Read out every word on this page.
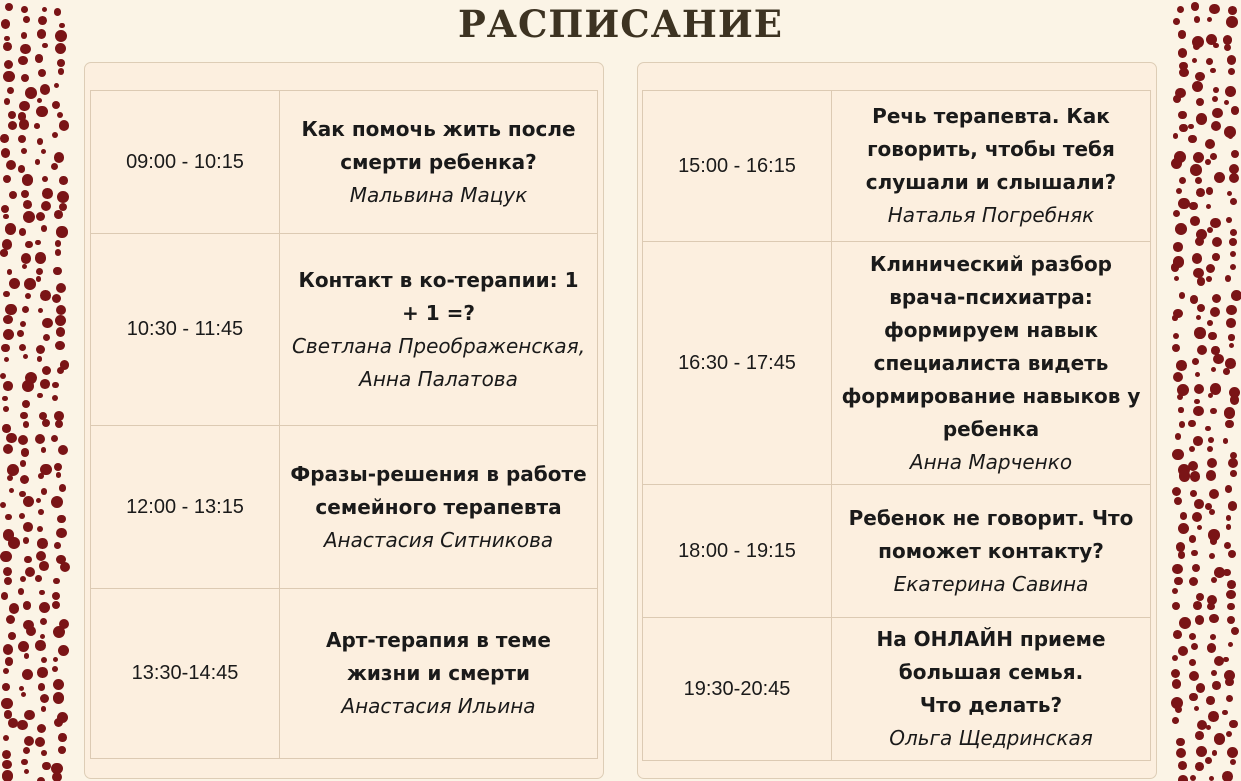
РАСПИСАНИЕ
09:00 - 10:15	Как помочь жить после смерти ребенка?
Мальвина Мацук

10:30 - 11:45	Контакт в ко-терапии: 1 + 1 =?
Светлана Преображенская, Анна Палатова

12:00 - 13:15	Фразы-решения в работе семейного терапевта
Анастасия Ситникова

13:30-14:45	Арт-терапия в теме жизни и смерти
Анастасия Ильина
15:00 - 16:15	Речь терапевта. Как говорить, чтобы тебя слушали и слышали?
Наталья Погребняк

16:30 - 17:45	Клинический разбор врача-психиатра: формируем навык специалиста видеть формирование навыков у ребенка
Анна Марченко

18:00 - 19:15	Ребенок не говорит. Что поможет контакту?
Екатерина Савина

19:30-20:45	На ОНЛАЙН приеме большая семья.
Что делать?
Ольга Щедринская
